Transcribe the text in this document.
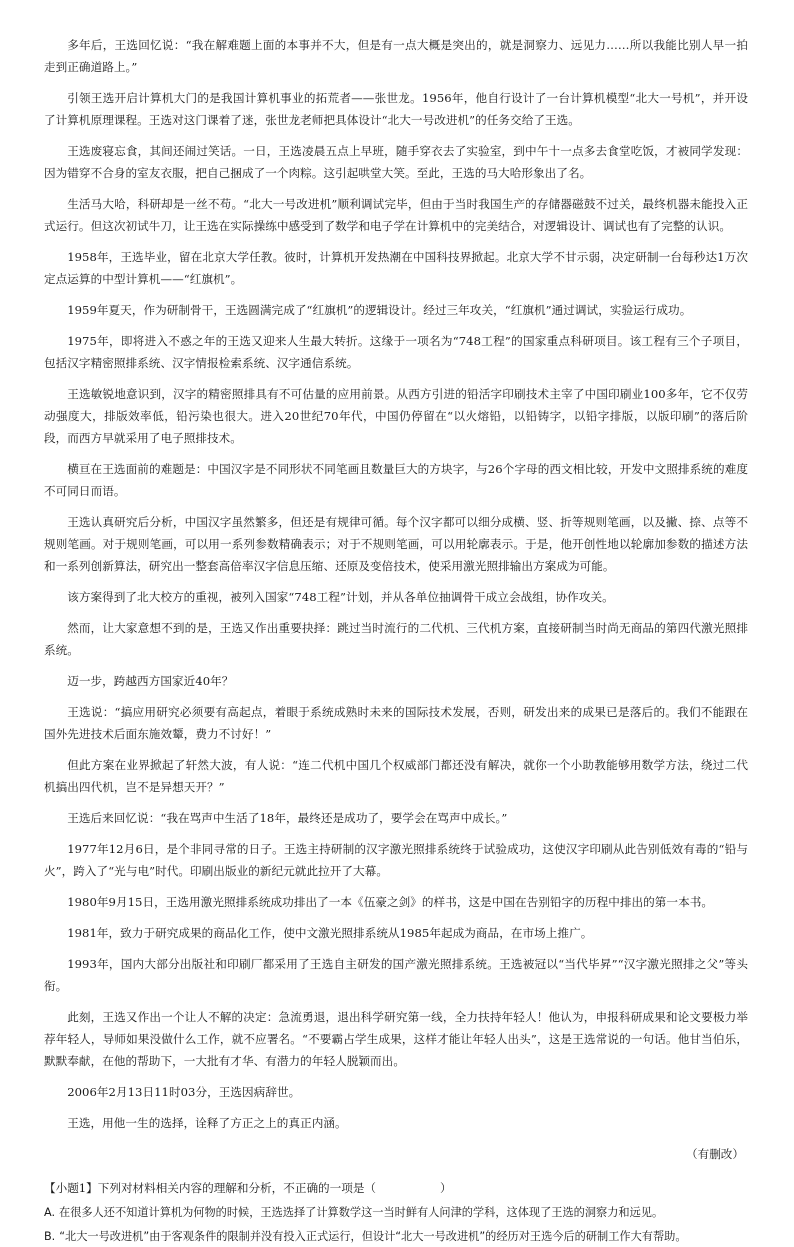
多年后，王选回忆说：“我在解难题上面的本事并不大，但是有一点大概是突出的，就是洞察力、远见力……所以我能比别人早一拍走到正确道路上。”

引领王选开启计算机大门的是我国计算机事业的拓荒者——张世龙。1956年，他自行设计了一台计算机模型“北大一号机”，并开设了计算机原理课程。王选对这门课着了迷，张世龙老师把具体设计“北大一号改进机”的任务交给了王选。

王选废寝忘食，其间还闹过笑话。一日，王选凌晨五点上早班，随手穿衣去了实验室，到中午十一点多去食堂吃饭，才被同学发现：因为错穿不合身的室友衣服，把自己捆成了一个肉粽。这引起哄堂大笑。至此，王选的马大哈形象出了名。

生活马大哈，科研却是一丝不苟。“北大一号改进机”顺利调试完毕，但由于当时我国生产的存储器磁鼓不过关，最终机器未能投入正式运行。但这次初试牛刀，让王选在实际操练中感受到了数学和电子学在计算机中的完美结合，对逻辑设计、调试也有了完整的认识。

1958年，王选毕业，留在北京大学任教。彼时，计算机开发热潮在中国科技界掀起。北京大学不甘示弱，决定研制一台每秒达1万次定点运算的中型计算机——“红旗机”。

1959年夏天，作为研制骨干，王选圆满完成了“红旗机”的逻辑设计。经过三年攻关，“红旗机”通过调试，实验运行成功。

1975年，即将进入不惑之年的王选又迎来人生最大转折。这缘于一项名为“748工程”的国家重点科研项目。该工程有三个子项目，包括汉字精密照排系统、汉字情报检索系统、汉字通信系统。

王选敏锐地意识到，汉字的精密照排具有不可估量的应用前景。从西方引进的铅活字印刷技术主宰了中国印刷业100多年，它不仅劳动强度大，排版效率低，铅污染也很大。进入20世纪70年代，中国仍停留在“以火熔铅，以铅铸字，以铅字排版，以版印刷”的落后阶段，而西方早就采用了电子照排技术。

横亘在王选面前的难题是：中国汉字是不同形状不同笔画且数量巨大的方块字，与26个字母的西文相比较，开发中文照排系统的难度不可同日而语。

王选认真研究后分析，中国汉字虽然繁多，但还是有规律可循。每个汉字都可以细分成横、竖、折等规则笔画，以及撇、捺、点等不规则笔画。对于规则笔画，可以用一系列参数精确表示；对于不规则笔画，可以用轮廓表示。于是，他开创性地以轮廓加参数的描述方法和一系列创新算法，研究出一整套高倍率汉字信息压缩、还原及变倍技术，使采用激光照排输出方案成为可能。

该方案得到了北大校方的重视，被列入国家“748工程”计划，并从各单位抽调骨干成立会战组，协作攻关。

然而，让大家意想不到的是，王选又作出重要抉择：跳过当时流行的二代机、三代机方案，直接研制当时尚无商品的第四代激光照排系统。

迈一步，跨越西方国家近40年？

王选说：“搞应用研究必须要有高起点，着眼于系统成熟时未来的国际技术发展，否则，研发出来的成果已是落后的。我们不能跟在国外先进技术后面东施效颦，费力不讨好！”

但此方案在业界掀起了轩然大波，有人说：“连二代机中国几个权威部门都还没有解决，就你一个小助教能够用数学方法，绕过二代机搞出四代机，岂不是异想天开？”

王选后来回忆说：“我在骂声中生活了18年，最终还是成功了，要学会在骂声中成长。”

1977年12月6日，是个非同寻常的日子。王选主持研制的汉字激光照排系统终于试验成功，这使汉字印刷从此告别低效有毒的“铅与火”，跨入了“光与电”时代。印刷出版业的新纪元就此拉开了大幕。

1980年9月15日，王选用激光照排系统成功排出了一本《伍豪之剑》的样书，这是中国在告别铅字的历程中排出的第一本书。

1981年，致力于研究成果的商品化工作，使中文激光照排系统从1985年起成为商品，在市场上推广。

1993年，国内大部分出版社和印刷厂都采用了王选自主研发的国产激光照排系统。王选被冠以“当代毕昇”“汉字激光照排之父”等头衔。

此刻，王选又作出一个让人不解的决定：急流勇退，退出科学研究第一线，全力扶持年轻人！他认为，申报科研成果和论文要极力举荐年轻人，导师如果没做什么工作，就不应署名。“不要霸占学生成果，这样才能让年轻人出头”，这是王选常说的一句话。他甘当伯乐，默默奉献，在他的帮助下，一大批有才华、有潜力的年轻人脱颖而出。

2006年2月13日11时03分，王选因病辞世。

王选，用他一生的选择，诠释了方正之上的真正内涵。

（有删改）

【小题1】下列对材料相关内容的理解和分析，不正确的一项是（	）
A. 在很多人还不知道计算机为何物的时候，王选选择了计算数学这一当时鲜有人问津的学科，这体现了王选的洞察力和远见。
B. “北大一号改进机”由于客观条件的限制并没有投入正式运行，但设计“北大一号改进机”的经历对王选今后的研制工作大有帮助。
